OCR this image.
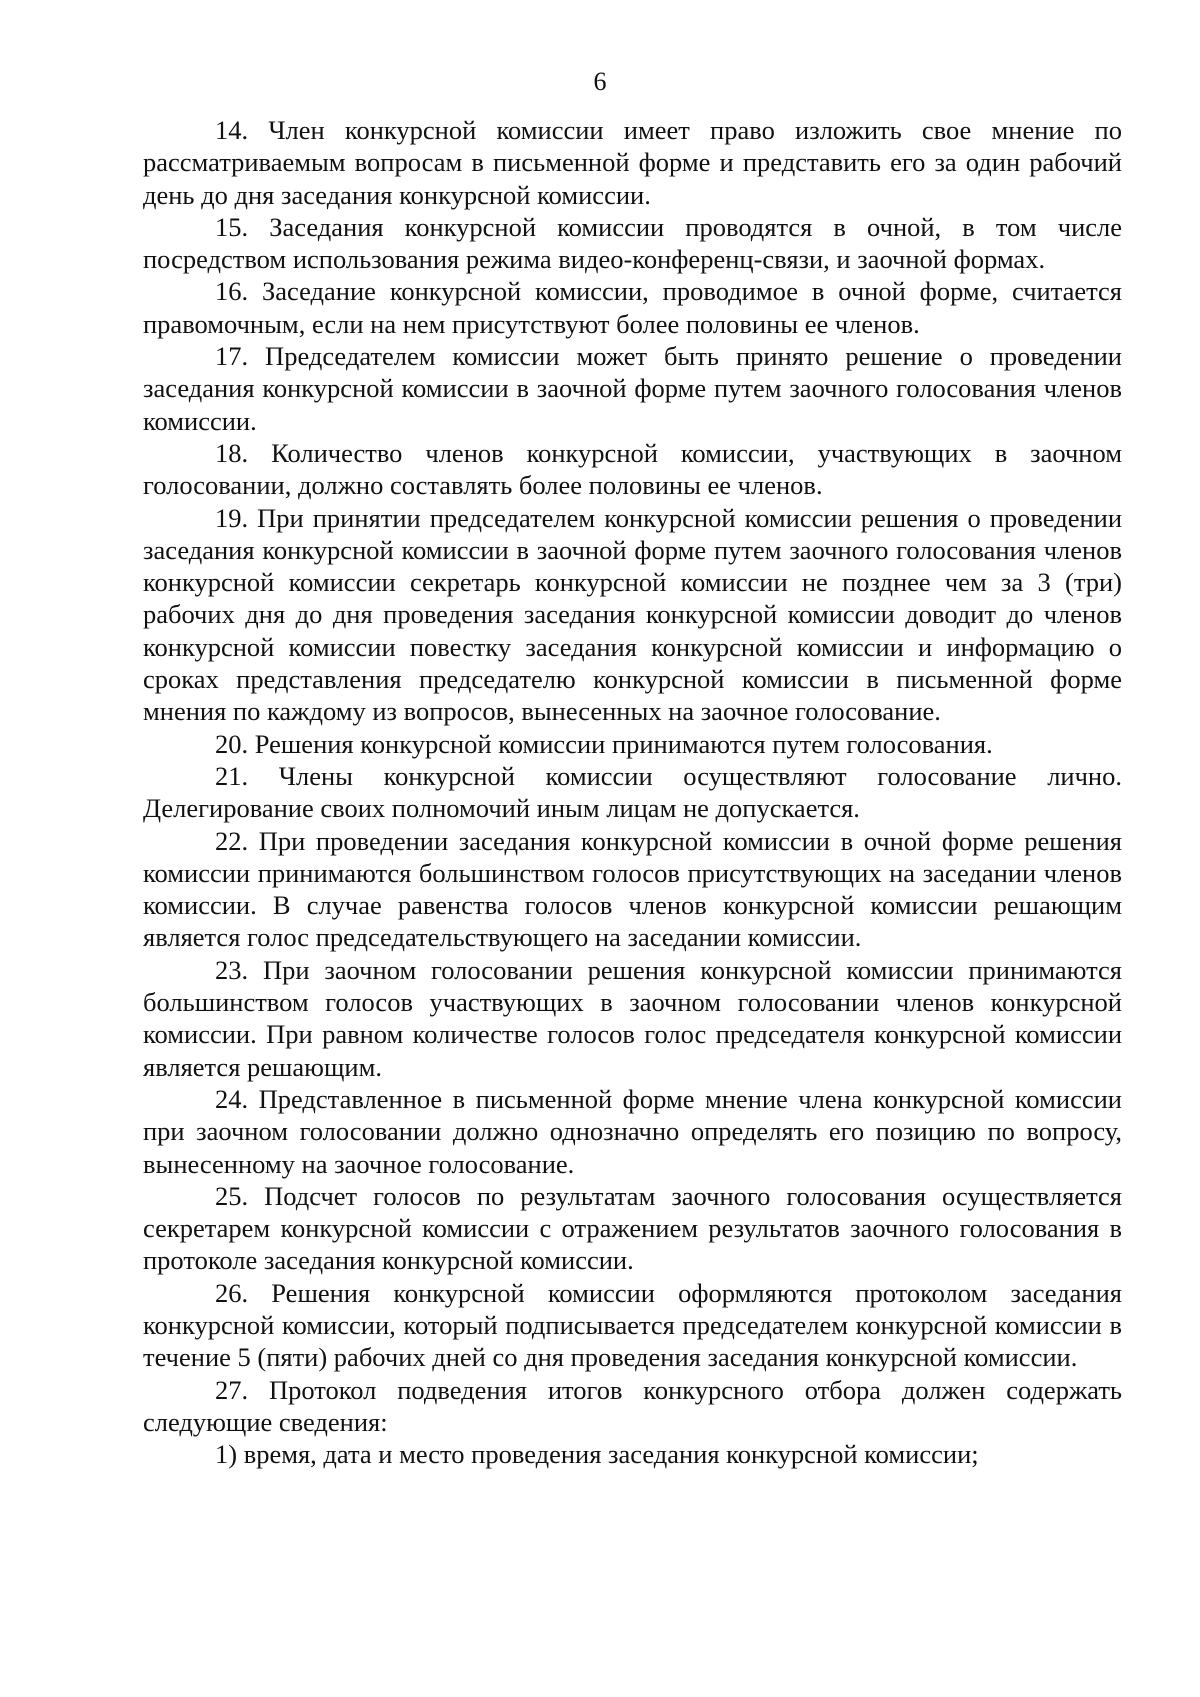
6

14. Член конкурсной комиссии имеет право изложить свое мнение по рассматриваемым вопросам в письменной форме и представить его за один рабочий день до дня заседания конкурсной комиссии.

15. Заседания конкурсной комиссии проводятся в очной, в том числе посредством использования режима видео-конференц-связи, и заочной формах.

16. Заседание конкурсной комиссии, проводимое в очной форме, считается правомочным, если на нем присутствуют более половины ее членов.

17. Председателем комиссии может быть принято решение о проведении заседания конкурсной комиссии в заочной форме путем заочного голосования членов комиссии.

18. Количество членов конкурсной комиссии, участвующих в заочном голосовании, должно составлять более половины ее членов.

19. При принятии председателем конкурсной комиссии решения о проведении заседания конкурсной комиссии в заочной форме путем заочного голосования членов конкурсной комиссии секретарь конкурсной комиссии не позднее чем за 3 (три) рабочих дня до дня проведения заседания конкурсной комиссии доводит до членов конкурсной комиссии повестку заседания конкурсной комиссии и информацию о сроках представления председателю конкурсной комиссии в письменной форме мнения по каждому из вопросов, вынесенных на заочное голосование.

20. Решения конкурсной комиссии принимаются путем голосования.

21. Члены конкурсной комиссии осуществляют голосование лично. Делегирование своих полномочий иным лицам не допускается.

22. При проведении заседания конкурсной комиссии в очной форме решения комиссии принимаются большинством голосов присутствующих на заседании членов комиссии. В случае равенства голосов членов конкурсной комиссии решающим является голос председательствующего на заседании комиссии.

23. При заочном голосовании решения конкурсной комиссии принимаются большинством голосов участвующих в заочном голосовании членов конкурсной комиссии. При равном количестве голосов голос председателя конкурсной комиссии является решающим.

24. Представленное в письменной форме мнение члена конкурсной комиссии при заочном голосовании должно однозначно определять его позицию по вопросу, вынесенному на заочное голосование.

25. Подсчет голосов по результатам заочного голосования осуществляется секретарем конкурсной комиссии с отражением результатов заочного голосования в протоколе заседания конкурсной комиссии.

26. Решения конкурсной комиссии оформляются протоколом заседания конкурсной комиссии, который подписывается председателем конкурсной комиссии в течение 5 (пяти) рабочих дней со дня проведения заседания конкурсной комиссии.

27. Протокол подведения итогов конкурсного отбора должен содержать следующие сведения:

1) время, дата и место проведения заседания конкурсной комиссии;
